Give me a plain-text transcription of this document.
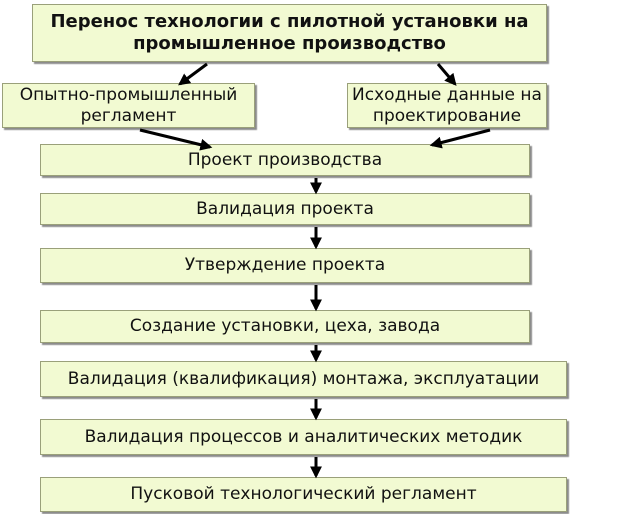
Перенос технологии с пилотной установки на промышленное производство
Опытно-промышленный регламент
Исходные данные на проектирование
Проект производства
Валидация проекта
Утверждение проекта
Создание установки, цеха, завода
Валидация (квалификация) монтажа, эксплуатации
Валидация процессов и аналитических методик
Пусковой технологический регламент
